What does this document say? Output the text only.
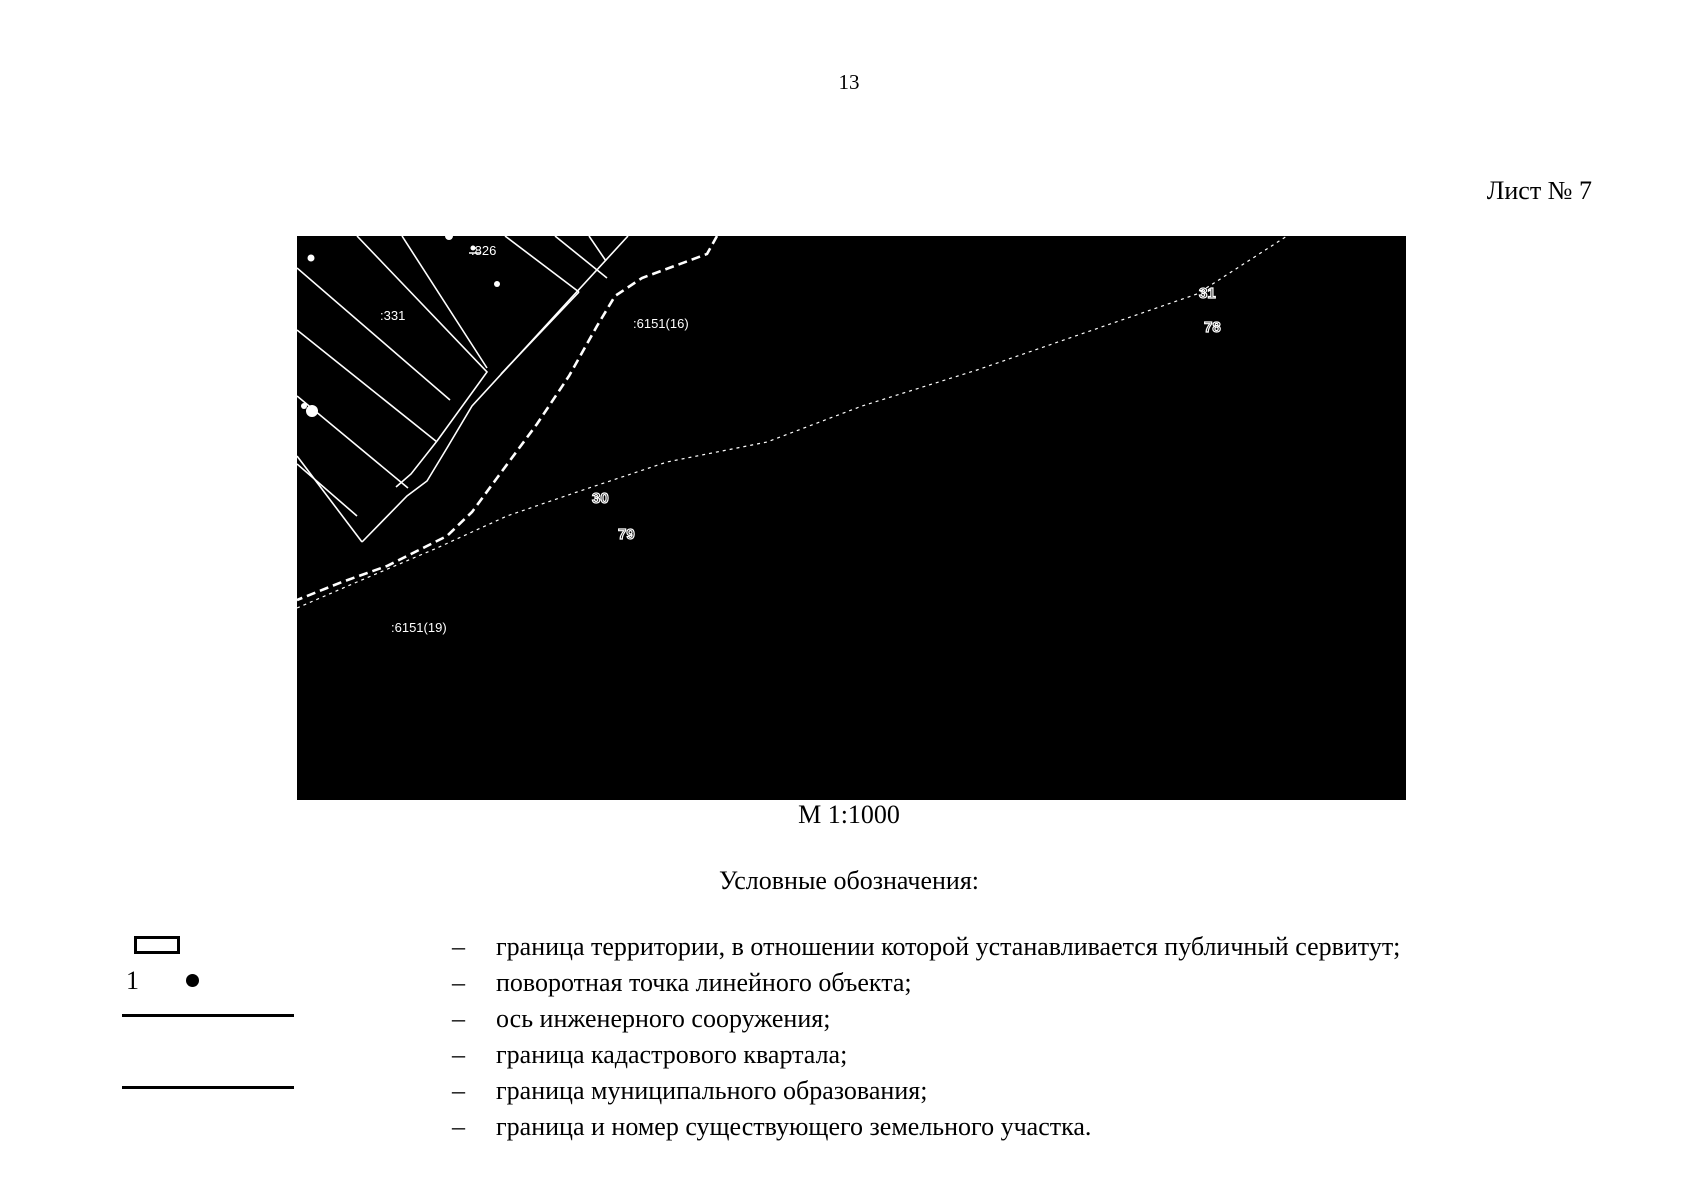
13
Лист № 7
:826
:331
:6151(16)
:6151(19)
31
78
30
79
М 1:1000
Условные обозначения:
– граница территории, в отношении которой устанавливается публичный сервитут;
1	– поворотная точка линейного объекта;
– ось инженерного сооружения;
– граница кадастрового квартала;
– граница муниципального образования;
– граница и номер существующего земельного участка.
